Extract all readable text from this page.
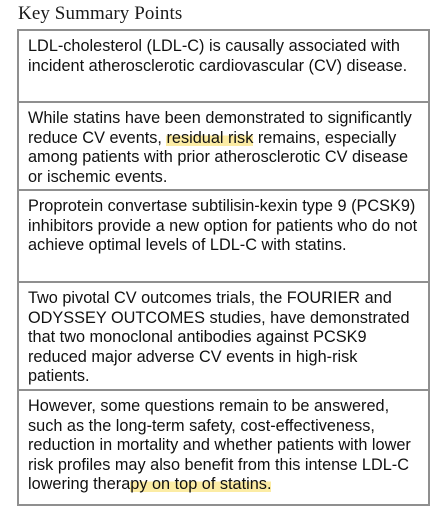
Key Summary Points
LDL-cholesterol (LDL-C) is causally associated with incident atherosclerotic cardiovascular (CV) disease.
While statins have been demonstrated to significantly reduce CV events, residual risk remains, especially among patients with prior atherosclerotic CV disease or ischemic events.
Proprotein convertase subtilisin-kexin type 9 (PCSK9) inhibitors provide a new option for patients who do not achieve optimal levels of LDL-C with statins.
Two pivotal CV outcomes trials, the FOURIER and ODYSSEY OUTCOMES studies, have demonstrated that two monoclonal antibodies against PCSK9 reduced major adverse CV events in high-risk patients.
However, some questions remain to be answered, such as the long-term safety, cost-effectiveness, reduction in mortality and whether patients with lower risk profiles may also benefit from this intense LDL-C lowering therapy on top of statins.
